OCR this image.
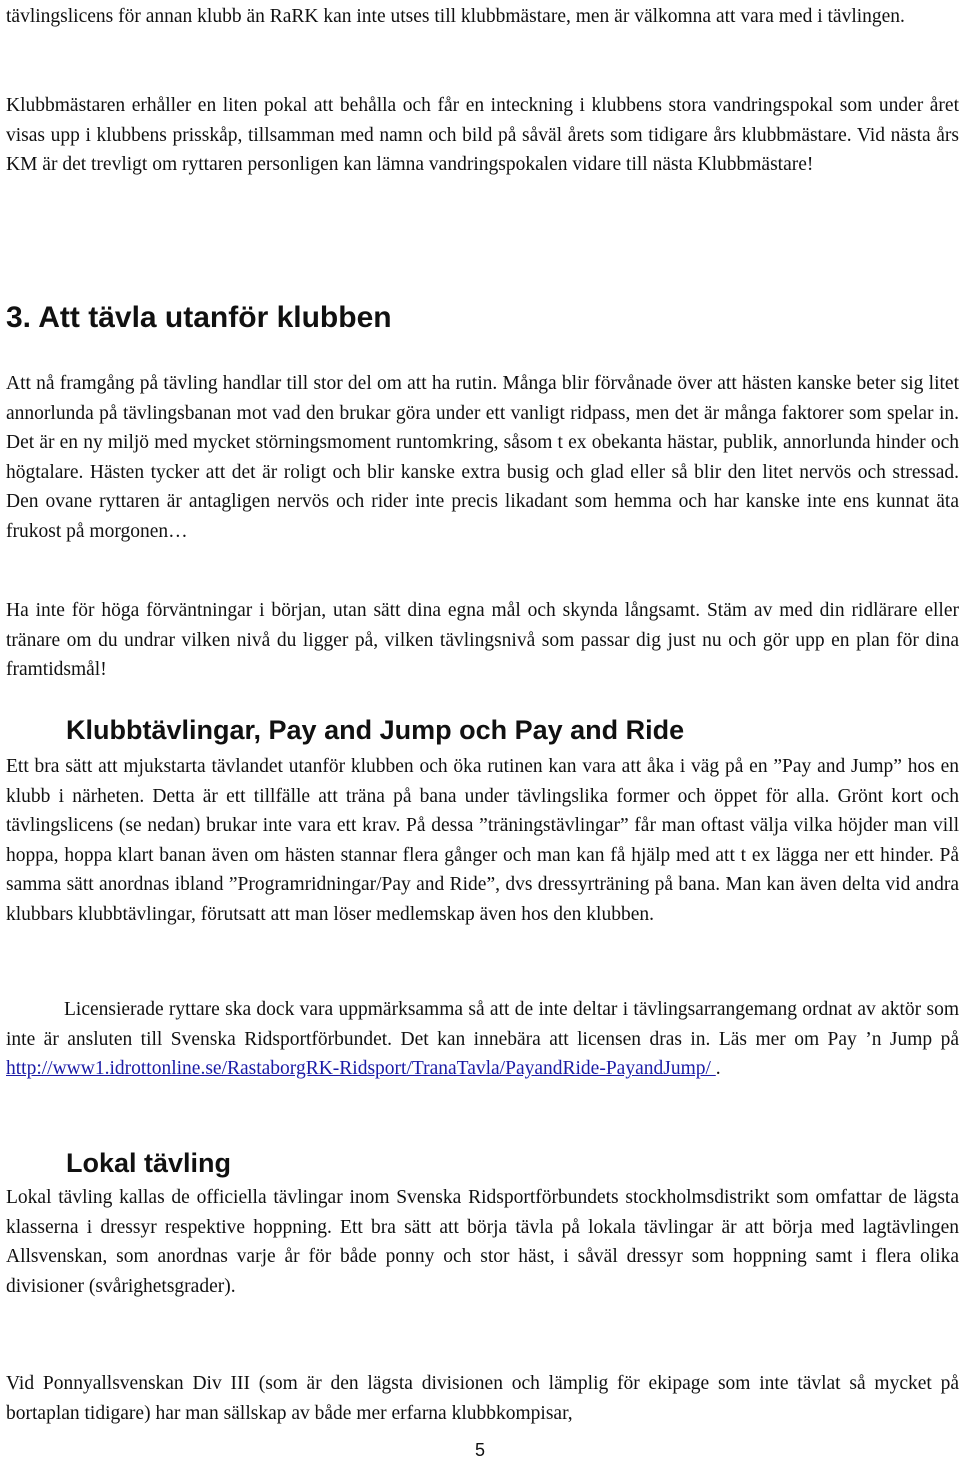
tävlingslicens för annan klubb än RaRK kan inte utses till klubbmästare, men är välkomna att vara med i tävlingen.

Klubbmästaren erhåller en liten pokal att behålla och får en inteckning i klubbens stora vandringspokal som under året visas upp i klubbens prisskåp, tillsamman med namn och bild på såväl årets som tidigare års klubbmästare. Vid nästa års KM är det trevligt om ryttaren personligen kan lämna vandringspokalen vidare till nästa Klubbmästare!

3. Att tävla utanför klubben

Att nå framgång på tävling handlar till stor del om att ha rutin. Många blir förvånade över att hästen kanske beter sig litet annorlunda på tävlingsbanan mot vad den brukar göra under ett vanligt ridpass, men det är många faktorer som spelar in. Det är en ny miljö med mycket störningsmoment runtomkring, såsom t ex obekanta hästar, publik, annorlunda hinder och högtalare. Hästen tycker att det är roligt och blir kanske extra busig och glad eller så blir den litet nervös och stressad. Den ovane ryttaren är antagligen nervös och rider inte precis likadant som hemma och har kanske inte ens kunnat äta frukost på morgonen…

Ha inte för höga förväntningar i början, utan sätt dina egna mål och skynda långsamt. Stäm av med din ridlärare eller tränare om du undrar vilken nivå du ligger på, vilken tävlingsnivå som passar dig just nu och gör upp en plan för dina framtidsmål!

Klubbtävlingar, Pay and Jump och Pay and Ride

Ett bra sätt att mjukstarta tävlandet utanför klubben och öka rutinen kan vara att åka i väg på en ”Pay and Jump” hos en klubb i närheten. Detta är ett tillfälle att träna på bana under tävlingslika former och öppet för alla. Grönt kort och tävlingslicens (se nedan) brukar inte vara ett krav. På dessa ”träningstävlingar” får man oftast välja vilka höjder man vill hoppa, hoppa klart banan även om hästen stannar flera gånger och man kan få hjälp med att t ex lägga ner ett hinder. På samma sätt anordnas ibland ”Programridningar/Pay and Ride”, dvs dressyrträning på bana. Man kan även delta vid andra klubbars klubbtävlingar, förutsatt att man löser medlemskap även hos den klubben.

Licensierade ryttare ska dock vara uppmärksamma så att de inte deltar i tävlingsarrangemang ordnat av aktör som inte är ansluten till Svenska Ridsportförbundet. Det kan innebära att licensen dras in. Läs mer om Pay ’n Jump på http://www1.idrottonline.se/RastaborgRK-Ridsport/TranaTavla/PayandRide-PayandJump/ .

Lokal tävling

Lokal tävling kallas de officiella tävlingar inom Svenska Ridsportförbundets stockholmsdistrikt som omfattar de lägsta klasserna i dressyr respektive hoppning. Ett bra sätt att börja tävla på lokala tävlingar är att börja med lagtävlingen Allsvenskan, som anordnas varje år för både ponny och stor häst, i såväl dressyr som hoppning samt i flera olika divisioner (svårighetsgrader).

Vid Ponnyallsvenskan Div III (som är den lägsta divisionen och lämplig för ekipage som inte tävlat så mycket på bortaplan tidigare) har man sällskap av både mer erfarna klubbkompisar,

5
